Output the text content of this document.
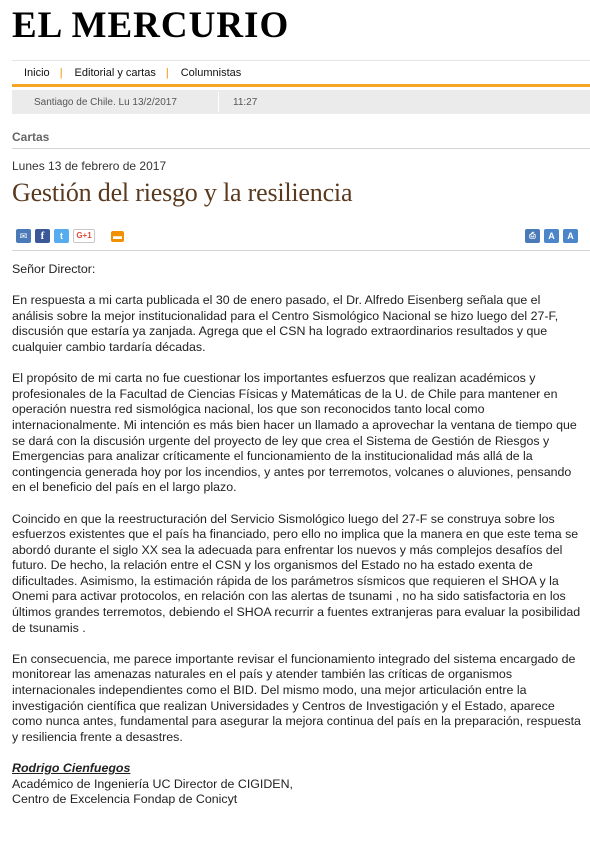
EL MERCURIO
Inicio |	Editorial y cartas |	Columnistas
Santiago de Chile. Lu 13/2/2017	11:27
Cartas
Lunes 13 de febrero de 2017
Gestión del riesgo y la resiliencia
✉	f	t	G+1	▬	⎙	A	A

Señor Director:

En respuesta a mi carta publicada el 30 de enero pasado, el Dr. Alfredo Eisenberg señala que el análisis sobre la mejor institucionalidad para el Centro Sismológico Nacional se hizo luego del 27-F, discusión que estaría ya zanjada. Agrega que el CSN ha logrado extraordinarios resultados y que cualquier cambio tardaría décadas.

El propósito de mi carta no fue cuestionar los importantes esfuerzos que realizan académicos y profesionales de la Facultad de Ciencias Físicas y Matemáticas de la U. de Chile para mantener en operación nuestra red sismológica nacional, los que son reconocidos tanto local como internacionalmente. Mi intención es más bien hacer un llamado a aprovechar la ventana de tiempo que se dará con la discusión urgente del proyecto de ley que crea el Sistema de Gestión de Riesgos y Emergencias para analizar críticamente el funcionamiento de la institucionalidad más allá de la contingencia generada hoy por los incendios, y antes por terremotos, volcanes o aluviones, pensando en el beneficio del país en el largo plazo.

Coincido en que la reestructuración del Servicio Sismológico luego del 27-F se construya sobre los esfuerzos existentes que el país ha financiado, pero ello no implica que la manera en que este tema se abordó durante el siglo XX sea la adecuada para enfrentar los nuevos y más complejos desafíos del futuro. De hecho, la relación entre el CSN y los organismos del Estado no ha estado exenta de dificultades. Asimismo, la estimación rápida de los parámetros sísmicos que requieren el SHOA y la Onemi para activar protocolos, en relación con las alertas de tsunami , no ha sido satisfactoria en los últimos grandes terremotos, debiendo el SHOA recurrir a fuentes extranjeras para evaluar la posibilidad de tsunamis .

En consecuencia, me parece importante revisar el funcionamiento integrado del sistema encargado de monitorear las amenazas naturales en el país y atender también las críticas de organismos internacionales independientes como el BID. Del mismo modo, una mejor articulación entre la investigación científica que realizan Universidades y Centros de Investigación y el Estado, aparece como nunca antes, fundamental para asegurar la mejora continua del país en la preparación, respuesta y resiliencia frente a desastres.

Rodrigo Cienfuegos

Académico de Ingeniería UC Director de CIGIDEN,

Centro de Excelencia Fondap de Conicyt
